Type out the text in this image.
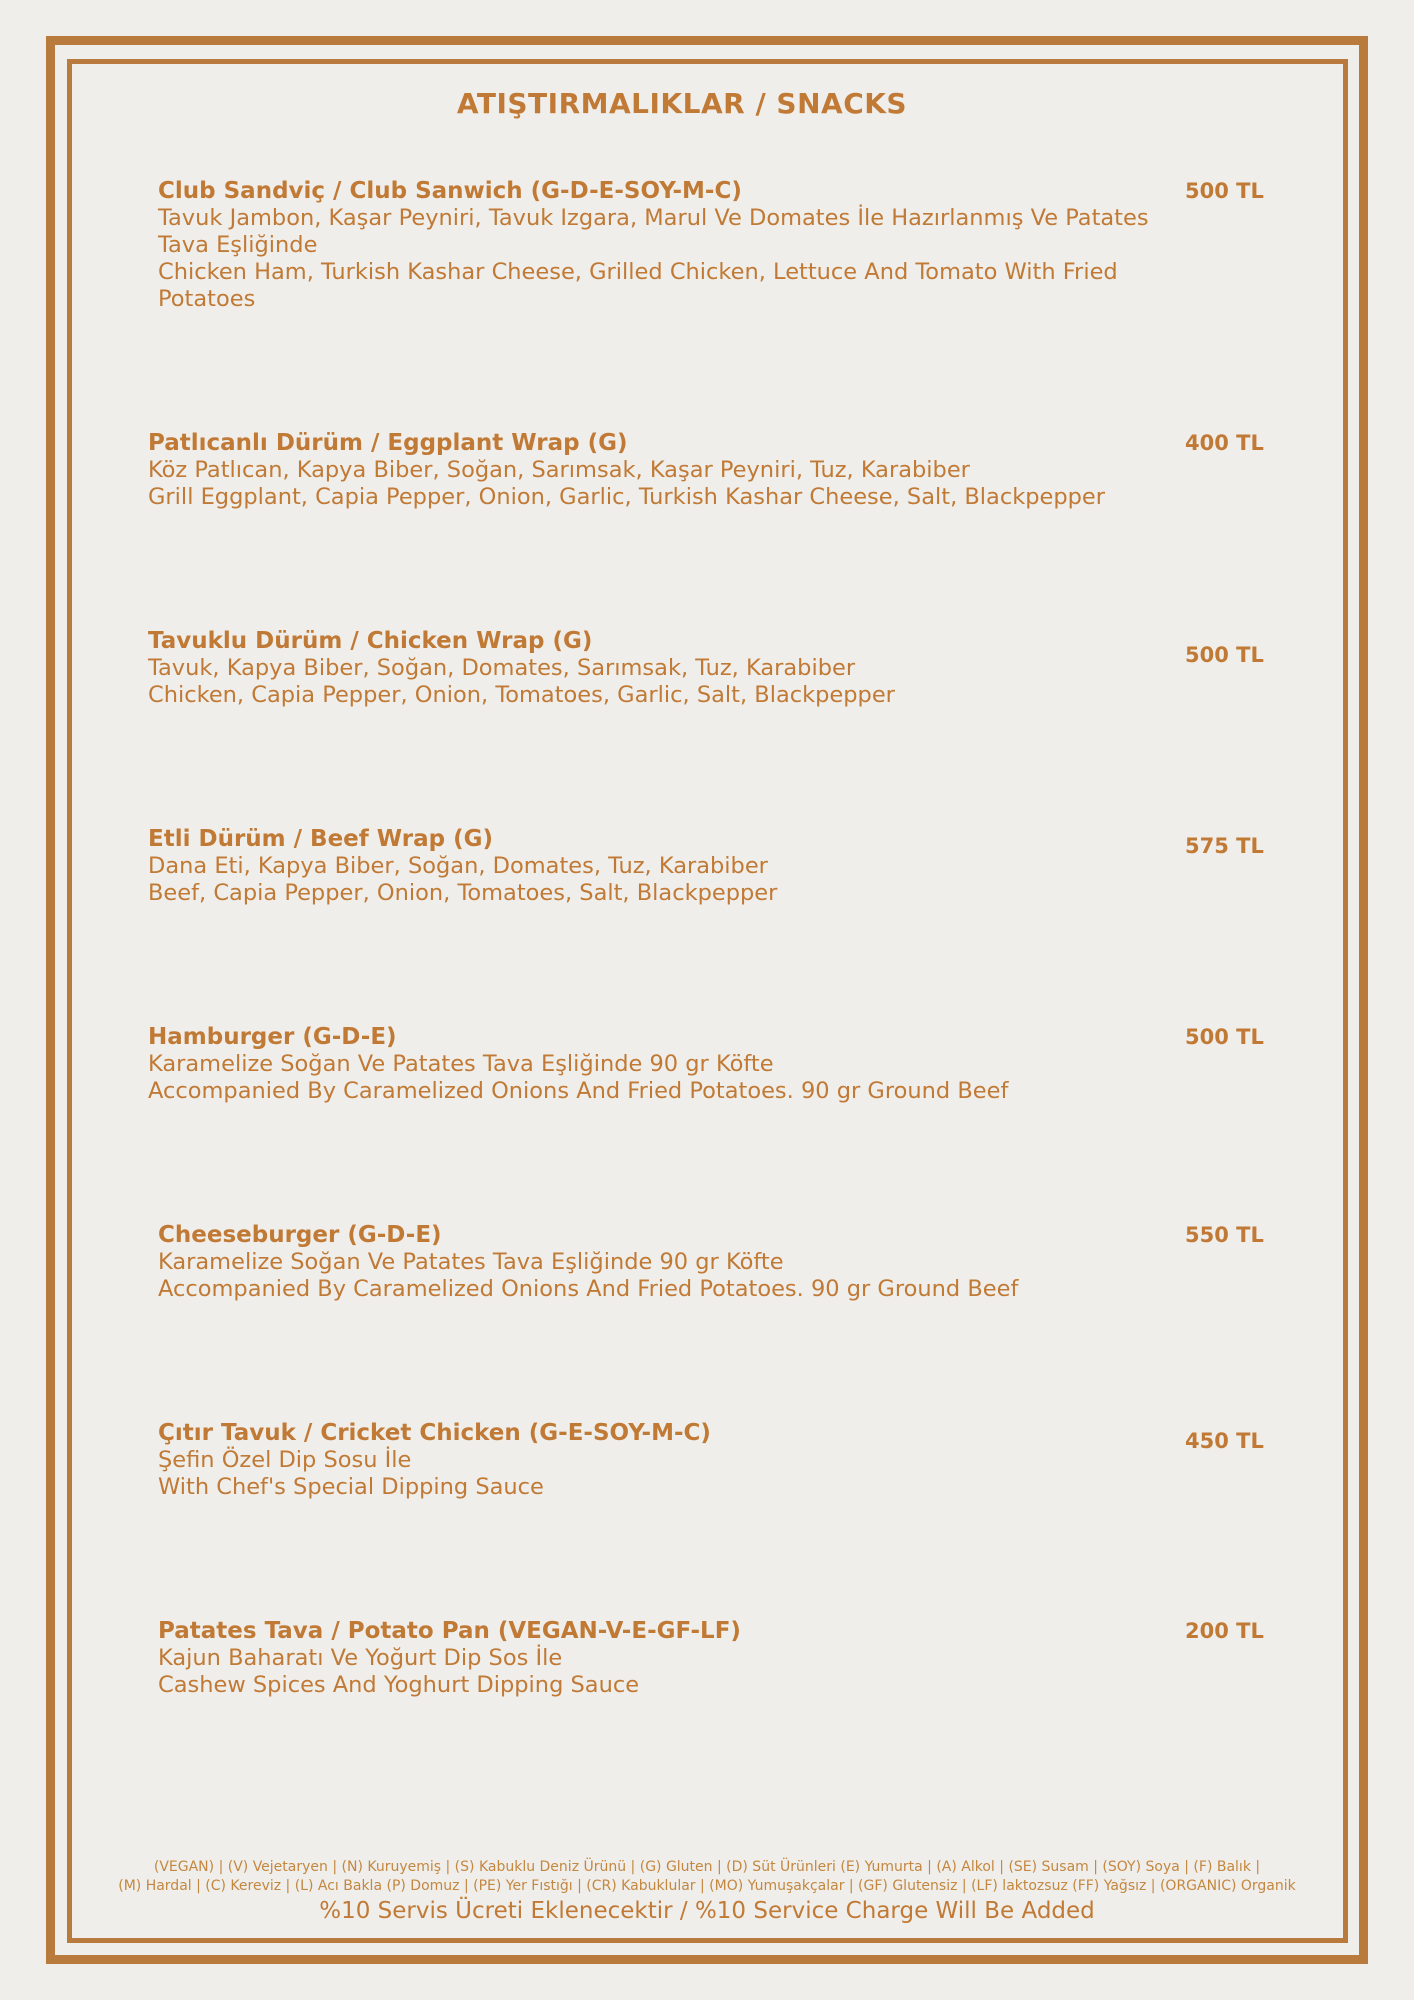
ATIŞTIRMALIKLAR / SNACKS
Club Sandviç / Club Sanwich (G-D-E-SOY-M-C)
Tavuk Jambon, Kaşar Peyniri, Tavuk Izgara, Marul Ve Domates İle Hazırlanmış Ve Patates Tava Eşliğinde
Chicken Ham, Turkish Kashar Cheese, Grilled Chicken, Lettuce And Tomato With Fried Potatoes
500 TL
Patlıcanlı Dürüm / Eggplant Wrap (G)
Köz Patlıcan, Kapya Biber, Soğan, Sarımsak, Kaşar Peyniri, Tuz, Karabiber
Grill Eggplant, Capia Pepper, Onion, Garlic, Turkish Kashar Cheese, Salt, Blackpepper
400 TL
Tavuklu Dürüm / Chicken Wrap (G)
Tavuk, Kapya Biber, Soğan, Domates, Sarımsak, Tuz, Karabiber
Chicken, Capia Pepper, Onion, Tomatoes, Garlic, Salt, Blackpepper
500 TL
Etli Dürüm / Beef Wrap (G)
Dana Eti, Kapya Biber, Soğan, Domates, Tuz, Karabiber
Beef, Capia Pepper, Onion, Tomatoes, Salt, Blackpepper
575 TL
Hamburger (G-D-E)
Karamelize Soğan Ve Patates Tava Eşliğinde 90 gr Köfte
Accompanied By Caramelized Onions And Fried Potatoes. 90 gr Ground Beef
500 TL
Cheeseburger (G-D-E)
Karamelize Soğan Ve Patates Tava Eşliğinde 90 gr Köfte
Accompanied By Caramelized Onions And Fried Potatoes. 90 gr Ground Beef
550 TL
Çıtır Tavuk / Cricket Chicken (G-E-SOY-M-C)
Şefin Özel Dip Sosu İle
With Chef's Special Dipping Sauce
450 TL
Patates Tava / Potato Pan (VEGAN-V-E-GF-LF)
Kajun Baharatı Ve Yoğurt Dip Sos İle
Cashew Spices And Yoghurt Dipping Sauce
200 TL
(VEGAN) | (V) Vejetaryen | (N) Kuruyemiş | (S) Kabuklu Deniz Ürünü | (G) Gluten | (D) Süt Ürünleri (E) Yumurta | (A) Alkol | (SE) Susam | (SOY) Soya | (F) Balık |
(M) Hardal | (C) Kereviz | (L) Acı Bakla (P) Domuz | (PE) Yer Fıstığı | (CR) Kabuklular | (MO) Yumuşakçalar | (GF) Glutensiz | (LF) laktozsuz (FF) Yağsız | (ORGANIC) Organik
%10 Servis Ücreti Eklenecektir / %10 Service Charge Will Be Added
